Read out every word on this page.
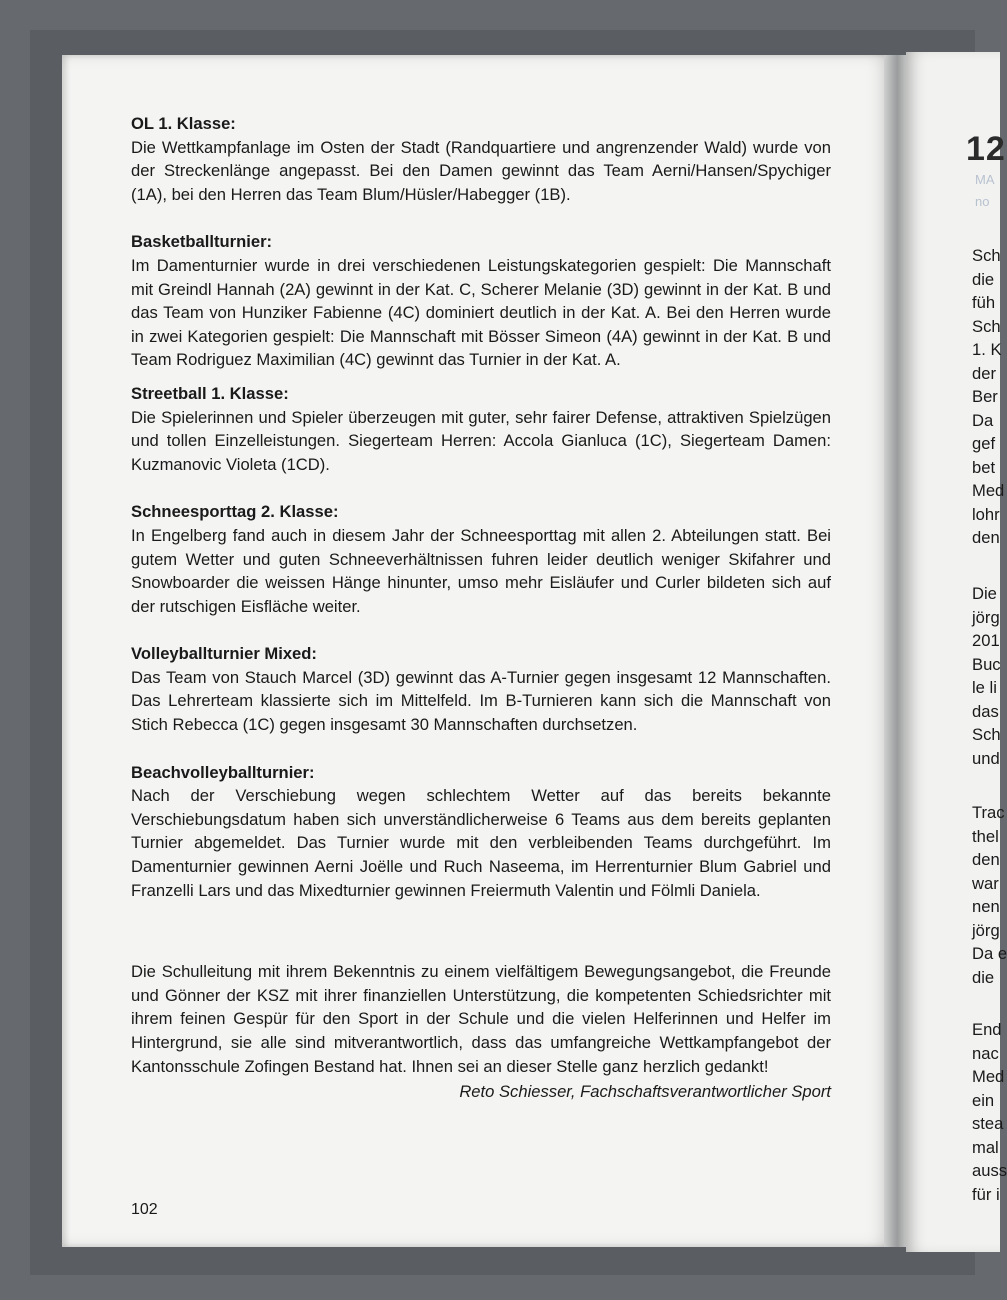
OL 1. Klasse:
Die Wettkampfanlage im Osten der Stadt (Randquartiere und angrenzender Wald) wurde von der Streckenlänge angepasst. Bei den Damen gewinnt das Team Aerni/Hansen/Spychiger (1A), bei den Herren das Team Blum/Hüsler/Habegger (1B).
Basketballturnier:
Im Damenturnier wurde in drei verschiedenen Leistungskategorien gespielt: Die Mannschaft mit Greindl Hannah (2A) gewinnt in der Kat. C, Scherer Melanie (3D) gewinnt in der Kat. B und das Team von Hunziker Fabienne (4C) dominiert deutlich in der Kat. A. Bei den Herren wurde in zwei Kategorien gespielt: Die Mannschaft mit Bösser Simeon (4A) gewinnt in der Kat. B und Team Rodriguez Maximilian (4C) gewinnt das Turnier in der Kat. A.
Streetball 1. Klasse:
Die Spielerinnen und Spieler überzeugen mit guter, sehr fairer Defense, attraktiven Spielzügen und tollen Einzelleistungen. Siegerteam Herren: Accola Gianluca (1C), Siegerteam Damen: Kuzmanovic Violeta (1CD).
Schneesporttag 2. Klasse:
In Engelberg fand auch in diesem Jahr der Schneesporttag mit allen 2. Abteilungen statt. Bei gutem Wetter und guten Schneeverhältnissen fuhren leider deutlich weniger Skifahrer und Snowboarder die weissen Hänge hinunter, umso mehr Eisläufer und Curler bildeten sich auf der rutschigen Eisfläche weiter.
Volleyballturnier Mixed:
Das Team von Stauch Marcel (3D) gewinnt das A-Turnier gegen insgesamt 12 Mannschaften. Das Lehrerteam klassierte sich im Mittelfeld. Im B-Turnieren kann sich die Mannschaft von Stich Rebecca (1C) gegen insgesamt 30 Mannschaften durchsetzen.
Beachvolleyballturnier:
Nach der Verschiebung wegen schlechtem Wetter auf das bereits bekannte Verschiebungsdatum haben sich unverständlicherweise 6 Teams aus dem bereits geplanten Turnier abgemeldet. Das Turnier wurde mit den verbleibenden Teams durchgeführt. Im Damenturnier gewinnen Aerni Joëlle und Ruch Naseema, im Herrenturnier Blum Gabriel und Franzelli Lars und das Mixedturnier gewinnen Freiermuth Valentin und Fölmli Daniela.
Die Schulleitung mit ihrem Bekenntnis zu einem vielfältigem Bewegungsangebot, die Freunde und Gönner der KSZ mit ihrer finanziellen Unterstützung, die kompetenten Schiedsrichter mit ihrem feinen Gespür für den Sport in der Schule und die vielen Helferinnen und Helfer im Hintergrund, sie alle sind mitverantwortlich, dass das umfangreiche Wettkampfangebot der Kantonsschule Zofingen Bestand hat. Ihnen sei an dieser Stelle ganz herzlich gedankt!
Reto Schiesser, Fachschaftsverantwortlicher Sport
102
12
MA
no
Sch
die
füh
Sch
1. K
der
Ber
Da
gef
bet
Med
lohr
den
Die
jörg
201
Buc
le li
das
Sch
und
Trac
thel
den
war
nen
jörg
Da e
die
End
nac
Med
ein
stea
mal
auss
für i
